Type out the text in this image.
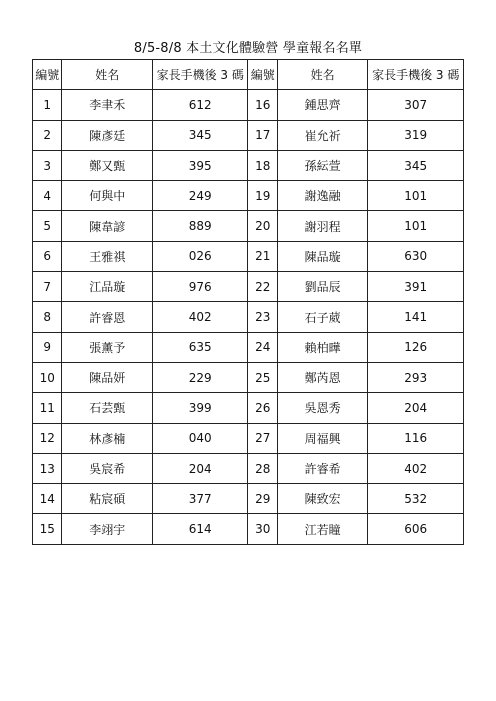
8/5-8/8 本土文化體驗營 學童報名名單
編號	姓名	家長手機後 3 碼	編號	姓名	家長手機後 3 碼
1	李聿禾	612	16	鍾思齊	307
2	陳彥廷	345	17	崔允祈	319
3	鄭又甄	395	18	孫紜萱	345
4	何與中	249	19	謝逸融	101
5	陳韋諺	889	20	謝羽程	101
6	王雅祺	026	21	陳品璇	630
7	江品璇	976	22	劉品辰	391
8	許睿恩	402	23	石子葳	141
9	張薰予	635	24	賴柏曄	126
10	陳品妍	229	25	鄭芮恩	293
11	石芸甄	399	26	吳恩秀	204
12	林彥楠	040	27	周福興	116
13	吳宸希	204	28	許睿希	402
14	粘宸碩	377	29	陳致宏	532
15	李翊宇	614	30	江若瞳	606
